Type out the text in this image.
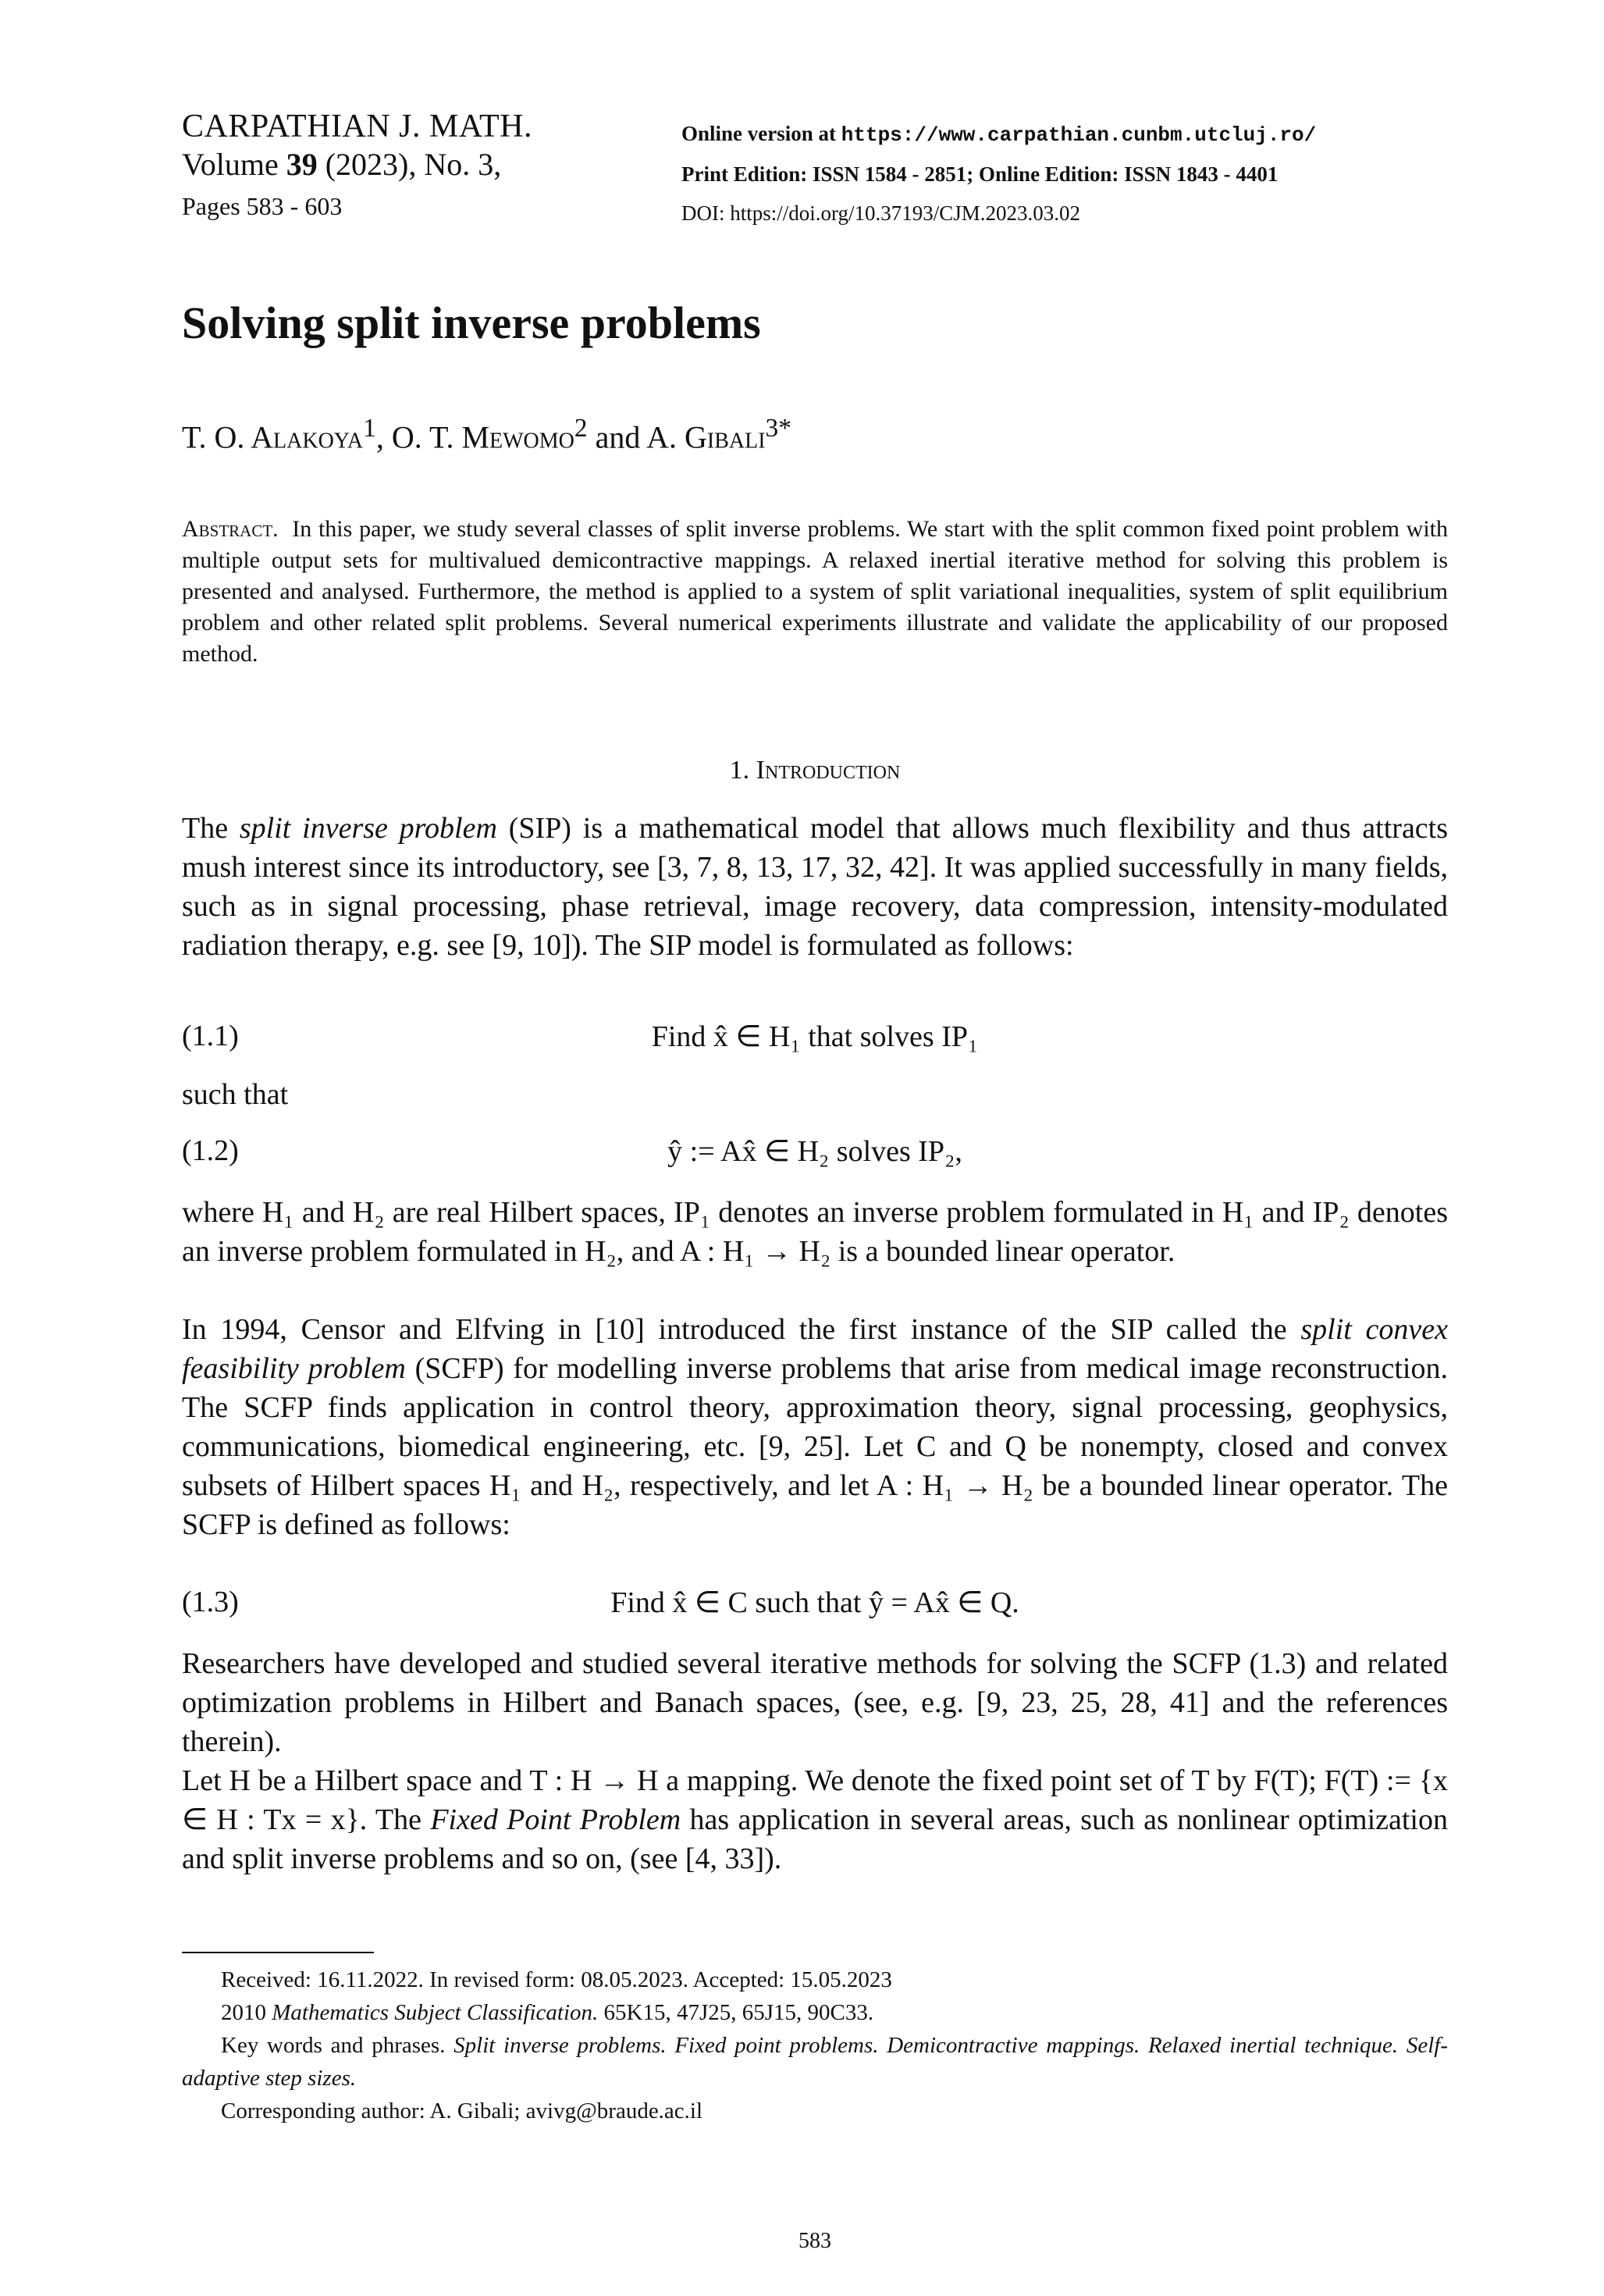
CARPATHIAN J. MATH.
Volume 39 (2023), No. 3,
Pages 583 - 603
Online version at https://www.carpathian.cunbm.utcluj.ro/
Print Edition: ISSN 1584 - 2851; Online Edition: ISSN 1843 - 4401
DOI: https://doi.org/10.37193/CJM.2023.03.02
Solving split inverse problems
T. O. Alakoya$^1$, O. T. Mewomo$^2$ and A. Gibali$^{3*}$
Abstract. In this paper, we study several classes of split inverse problems. We start with the split common fixed point problem with multiple output sets for multivalued demicontractive mappings. A relaxed inertial iterative method for solving this problem is presented and analysed. Furthermore, the method is applied to a system of split variational inequalities, system of split equilibrium problem and other related split problems. Several numerical experiments illustrate and validate the applicability of our proposed method.
1. Introduction
The split inverse problem (SIP) is a mathematical model that allows much flexibility and thus attracts mush interest since its introductory, see [3, 7, 8, 13, 17, 32, 42]. It was applied successfully in many fields, such as in signal processing, phase retrieval, image recovery, data compression, intensity-modulated radiation therapy, e.g. see [9, 10]). The SIP model is formulated as follows:
(1.1)	Find x̂ ∈ H₁ that solves IP₁
such that
(1.2)	ŷ := Ax̂ ∈ H₂ solves IP₂,
where H₁ and H₂ are real Hilbert spaces, IP₁ denotes an inverse problem formulated in H₁ and IP₂ denotes an inverse problem formulated in H₂, and A : H₁ → H₂ is a bounded linear operator.
In 1994, Censor and Elfving in [10] introduced the first instance of the SIP called the split convex feasibility problem (SCFP) for modelling inverse problems that arise from medical image reconstruction. The SCFP finds application in control theory, approximation theory, signal processing, geophysics, communications, biomedical engineering, etc. [9, 25]. Let C and Q be nonempty, closed and convex subsets of Hilbert spaces H₁ and H₂, respectively, and let A : H₁ → H₂ be a bounded linear operator. The SCFP is defined as follows:
(1.3)	Find x̂ ∈ C such that ŷ = Ax̂ ∈ Q.
Researchers have developed and studied several iterative methods for solving the SCFP (1.3) and related optimization problems in Hilbert and Banach spaces, (see, e.g. [9, 23, 25, 28, 41] and the references therein).
Let H be a Hilbert space and T : H → H a mapping. We denote the fixed point set of T by F(T); F(T) := {x ∈ H : Tx = x}. The Fixed Point Problem has application in several areas, such as nonlinear optimization and split inverse problems and so on, (see [4, 33]).

Received: 16.11.2022. In revised form: 08.05.2023. Accepted: 15.05.2023

2010 Mathematics Subject Classification. 65K15, 47J25, 65J15, 90C33.

Key words and phrases. Split inverse problems. Fixed point problems. Demicontractive mappings. Relaxed inertial technique. Self-adaptive step sizes.

Corresponding author: A. Gibali; avivg@braude.ac.il

583
